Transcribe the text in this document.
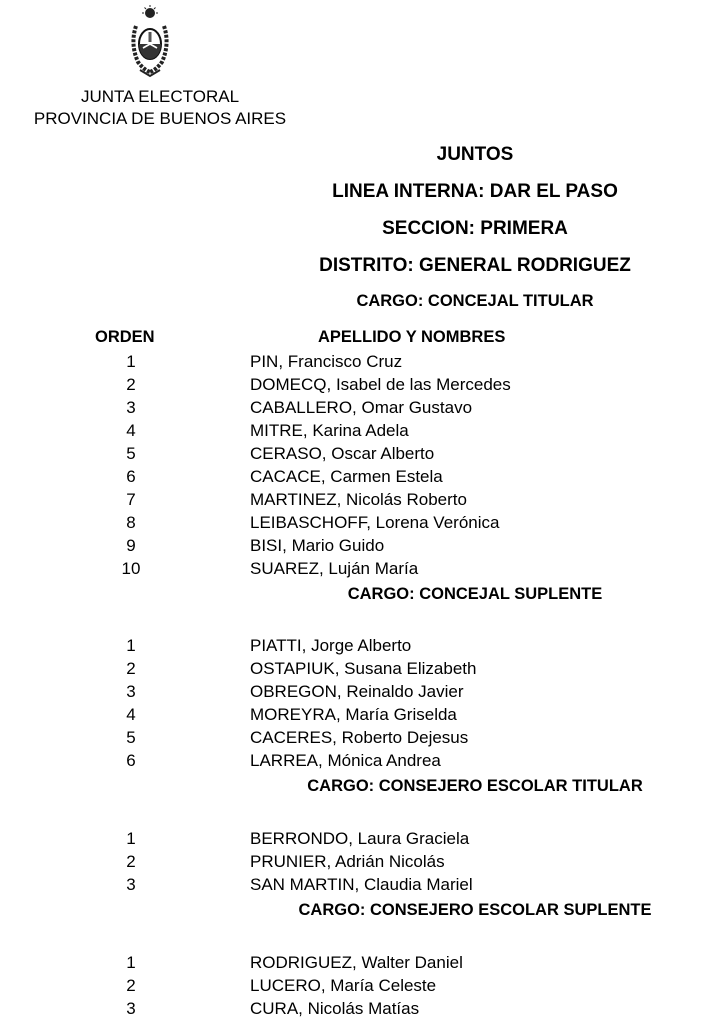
JUNTA ELECTORAL
PROVINCIA DE BUENOS AIRES
JUNTOS
LINEA INTERNA: DAR EL PASO
SECCION: PRIMERA
DISTRITO: GENERAL RODRIGUEZ
CARGO: CONCEJAL TITULAR
ORDEN	APELLIDO Y NOMBRES
1	PIN, Francisco Cruz
2	DOMECQ, Isabel de las Mercedes
3	CABALLERO, Omar Gustavo
4	MITRE, Karina Adela
5	CERASO, Oscar Alberto
6	CACACE, Carmen Estela
7	MARTINEZ, Nicolás Roberto
8	LEIBASCHOFF, Lorena Verónica
9	BISI, Mario Guido
10	SUAREZ, Luján María
CARGO: CONCEJAL SUPLENTE
1	PIATTI, Jorge Alberto
2	OSTAPIUK, Susana Elizabeth
3	OBREGON, Reinaldo Javier
4	MOREYRA, María Griselda
5	CACERES, Roberto Dejesus
6	LARREA, Mónica Andrea
CARGO: CONSEJERO ESCOLAR TITULAR
1	BERRONDO, Laura Graciela
2	PRUNIER, Adrián Nicolás
3	SAN MARTIN, Claudia Mariel
CARGO: CONSEJERO ESCOLAR SUPLENTE
1	RODRIGUEZ, Walter Daniel
2	LUCERO, María Celeste
3	CURA, Nicolás Matías
